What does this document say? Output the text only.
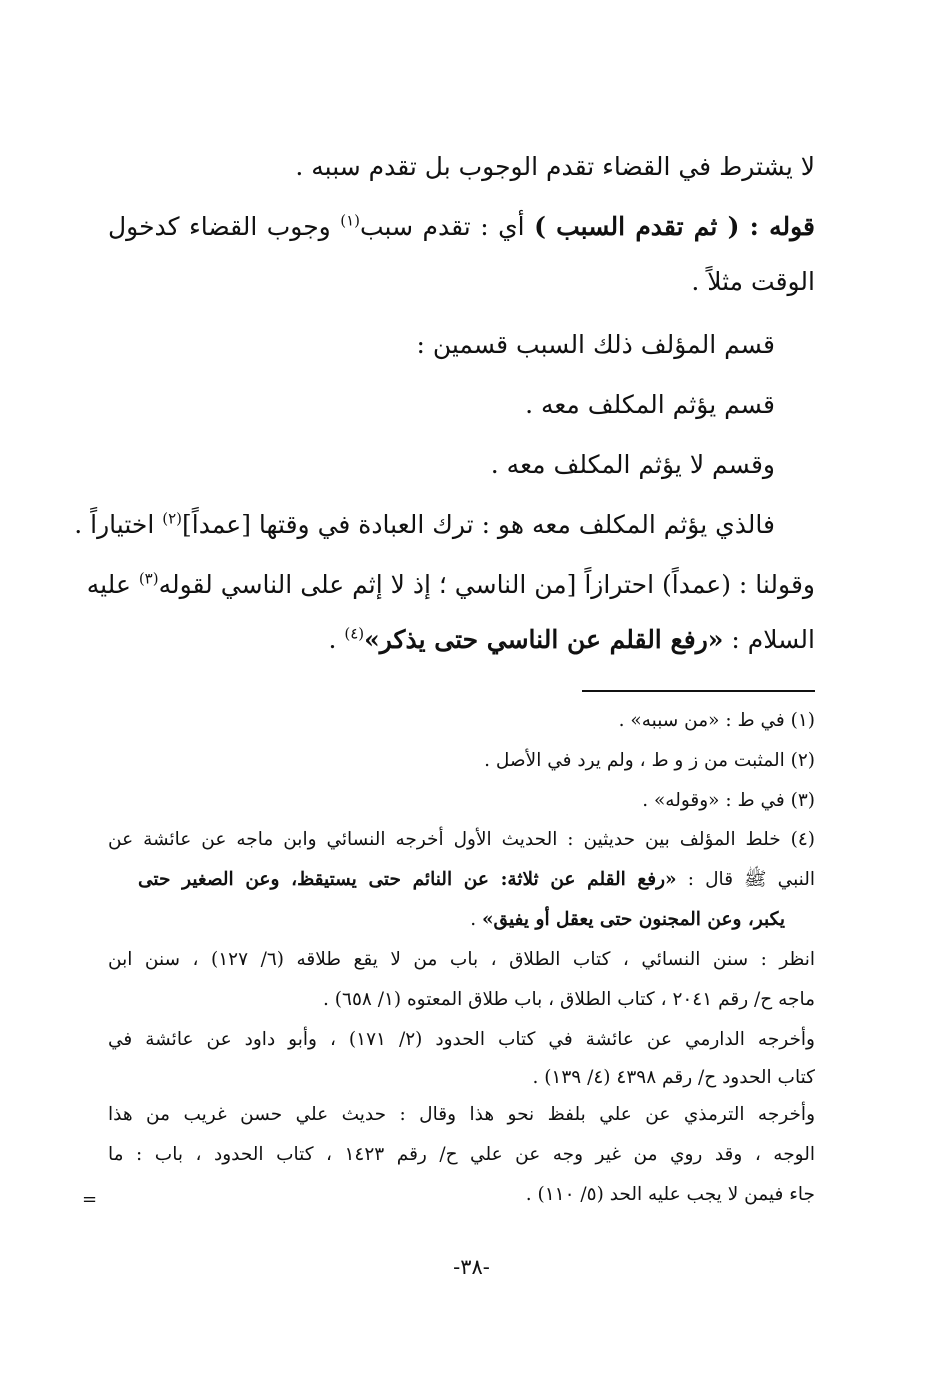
لا يشترط في القضاء تقدم الوجوب بل تقدم سببه .

قوله : ( ثم تقدم السبب ) أي : تقدم سبب$^{(١)}$ وجوب القضاء كدخول

الوقت مثلاً .

قسم المؤلف ذلك السبب قسمين :

قسم يؤثم المكلف معه .

وقسم لا يؤثم المكلف معه .

فالذي يؤثم المكلف معه هو : ترك العبادة في وقتها [عمداً]$^{(٢)}$ اختياراً .

وقولنا : (عمداً) احترازاً [من الناسي ؛ إذ لا إثم على الناسي لقوله$^{(٣)}$ عليه

السلام : «رفع القلم عن الناسي حتى يذكر»$^{(٤)}$ .

(١) في ط : «من سببه» .

(٢) المثبت من ز و ط ، ولم يرد في الأصل .

(٣) في ط : «وقوله» .

(٤) خلط المؤلف بين حديثين : الحديث الأول أخرجه النسائي وابن ماجه عن عائشة عن

النبي ﷺ قال : «رفع القلم عن ثلاثة: عن النائم حتى يستيقظ، وعن الصغير حتى

يكبر، وعن المجنون حتى يعقل أو يفيق» .

انظر : سنن النسائي ، كتاب الطلاق ، باب من لا يقع طلاقه (٦/ ١٢٧) ، سنن ابن

ماجه ح/ رقم ٢٠٤١ ، كتاب الطلاق ، باب طلاق المعتوه (١/ ٦٥٨) .

وأخرجه الدارمي عن عائشة في كتاب الحدود (٢/ ١٧١) ، وأبو داود عن عائشة في

كتاب الحدود ح/ رقم ٤٣٩٨ (٤/ ١٣٩) .

وأخرجه الترمذي عن علي بلفظ نحو هذا وقال : حديث علي حسن غريب من هذا

الوجه ، وقد روي من غير وجه عن علي ح/ رقم ١٤٢٣ ، كتاب الحدود ، باب : ما

جاء فيمن لا يجب عليه الحد (٥/ ١١٠) .

=
-٣٨-
